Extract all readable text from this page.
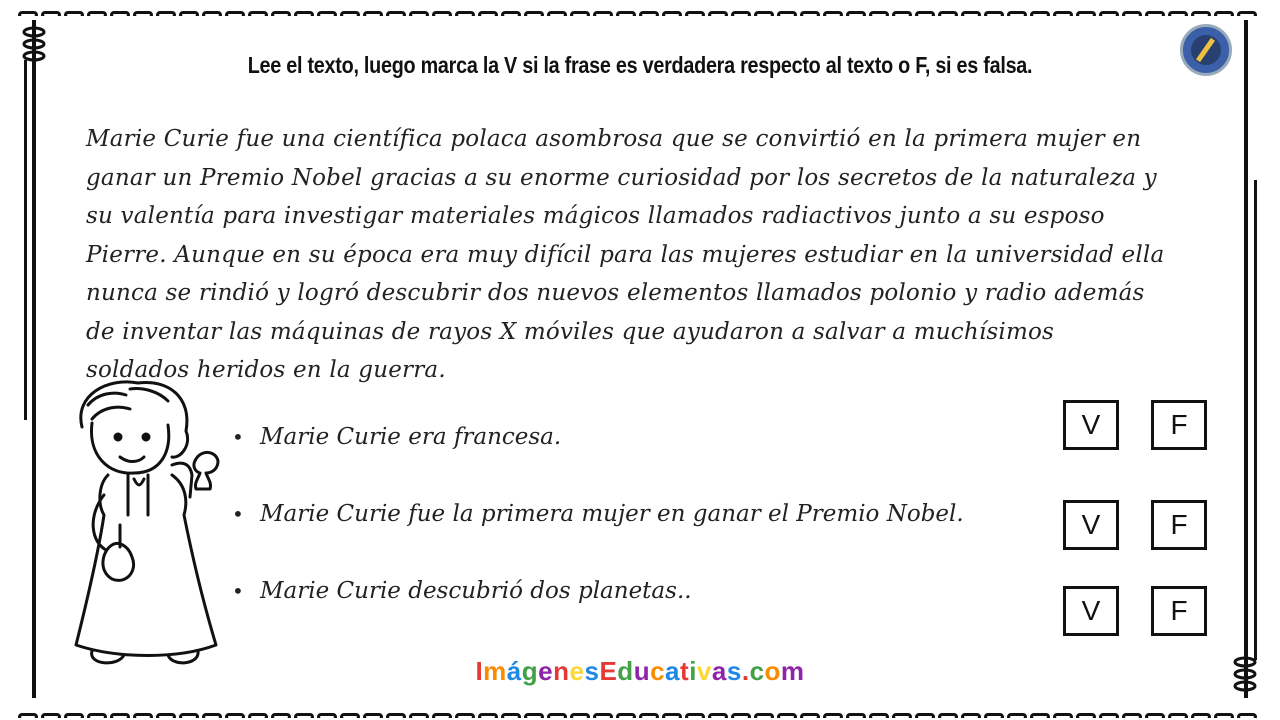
Lee el texto, luego marca la V si la frase es verdadera respecto al texto o F, si es falsa.
Marie Curie fue una científica polaca asombrosa que se convirtió en la primera mujer en
ganar un Premio Nobel gracias a su enorme curiosidad por los secretos de la naturaleza y
su valentía para investigar materiales mágicos llamados radiactivos junto a su esposo
Pierre. Aunque en su época era muy difícil para las mujeres estudiar en la universidad ella
nunca se rindió y logró descubrir dos nuevos elementos llamados polonio y radio además
de inventar las máquinas de rayos X móviles que ayudaron a salvar a muchísimos
soldados heridos en la guerra.
• Marie Curie era francesa.
• Marie Curie fue la primera mujer en ganar el Premio Nobel.
• Marie Curie descubrió dos planetas..
V	F
V	F
V	F
ImágenesEducativas.com
